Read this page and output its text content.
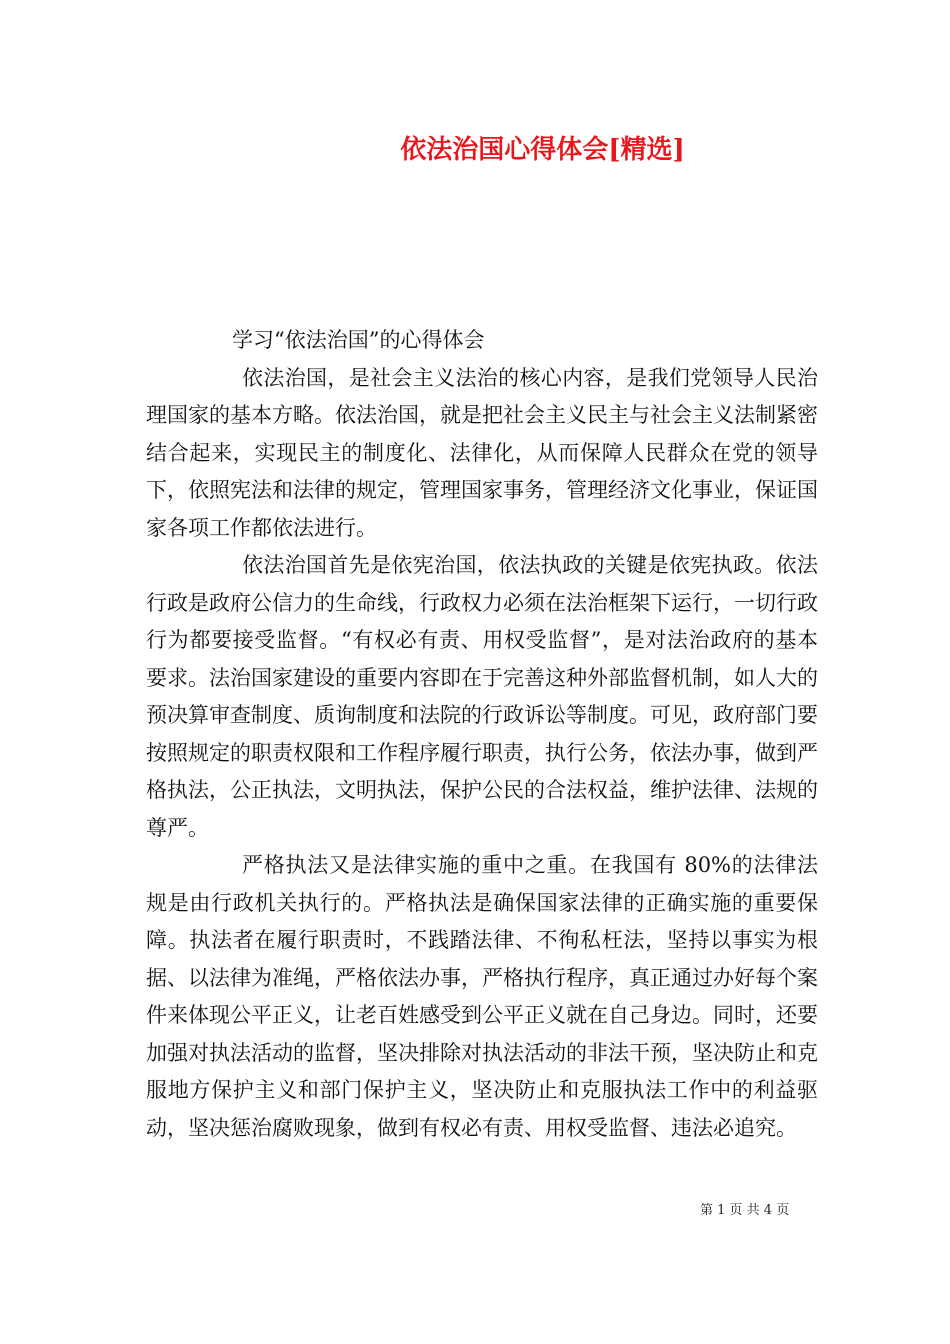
依法治国心得体会[精选]

学习“依法治国”的心得体会

依法治国，是社会主义法治的核心内容，是我们党领导人民治理国家的基本方略。依法治国，就是把社会主义民主与社会主义法制紧密结合起来，实现民主的制度化、法律化，从而保障人民群众在党的领导下，依照宪法和法律的规定，管理国家事务，管理经济文化事业，保证国家各项工作都依法进行。

依法治国首先是依宪治国，依法执政的关键是依宪执政。依法行政是政府公信力的生命线，行政权力必须在法治框架下运行，一切行政行为都要接受监督。“有权必有责、用权受监督”，是对法治政府的基本要求。法治国家建设的重要内容即在于完善这种外部监督机制，如人大的预决算审查制度、质询制度和法院的行政诉讼等制度。可见，政府部门要按照规定的职责权限和工作程序履行职责，执行公务，依法办事，做到严格执法，公正执法，文明执法，保护公民的合法权益，维护法律、法规的尊严。

严格执法又是法律实施的重中之重。在我国有 80%的法律法规是由行政机关执行的。严格执法是确保国家法律的正确实施的重要保障。执法者在履行职责时，不践踏法律、不徇私枉法，坚持以事实为根据、以法律为准绳，严格依法办事，严格执行程序，真正通过办好每个案件来体现公平正义，让老百姓感受到公平正义就在自己身边。同时，还要加强对执法活动的监督，坚决排除对执法活动的非法干预，坚决防止和克服地方保护主义和部门保护主义，坚决防止和克服执法工作中的利益驱动，坚决惩治腐败现象，做到有权必有责、用权受监督、违法必追究。

第 1 页 共 4 页
